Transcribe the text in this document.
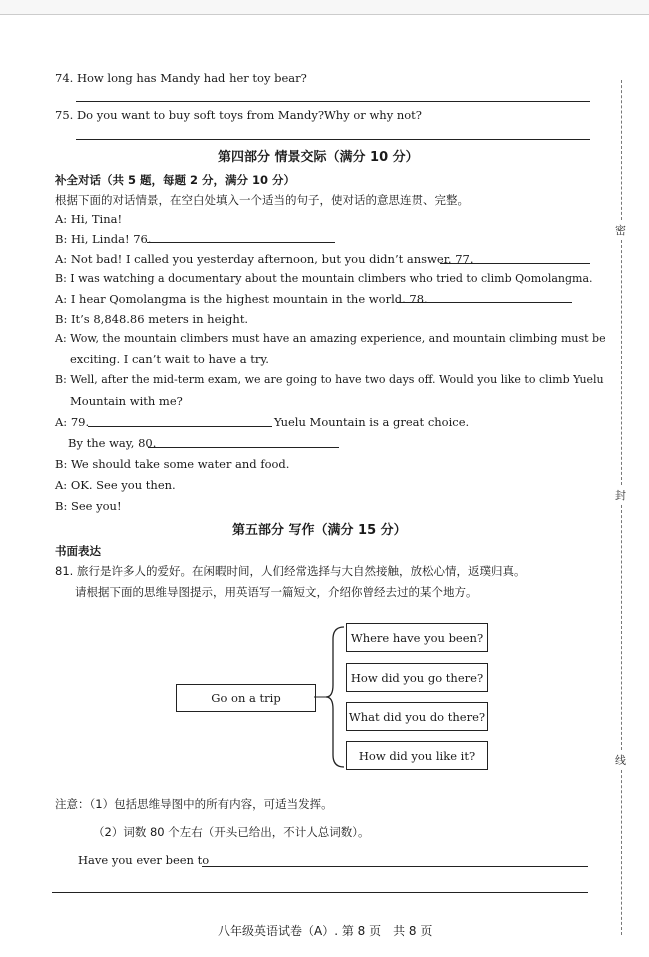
74. How long has Mandy had her toy bear?
75. Do you want to buy soft toys from Mandy?Why or why not?
第四部分 情景交际（满分 10 分）
补全对话（共 5 题，每题 2 分，满分 10 分）
根据下面的对话情景，在空白处填入一个适当的句子，使对话的意思连贯、完整。
A: Hi, Tina!
B: Hi, Linda! 76.
A: Not bad! I called you yesterday afternoon, but you didn’t answer. 77.
B: I was watching a documentary about the mountain climbers who tried to climb Qomolangma.
A: I hear Qomolangma is the highest mountain in the world. 78.
B: It’s 8,848.86 meters in height.
A: Wow, the mountain climbers must have an amazing experience, and mountain climbing must be
exciting. I can’t wait to have a try.
B: Well, after the mid-term exam, we are going to have two days off. Would you like to climb Yuelu
Mountain with me?
A: 79.	Yuelu Mountain is a great choice.
By the way, 80.
B: We should take some water and food.
A: OK. See you then.
B: See you!
第五部分 写作（满分 15 分）
书面表达
81. 旅行是许多人的爱好。在闲暇时间，人们经常选择与大自然接触，放松心情，返璞归真。
请根据下面的思维导图提示，用英语写一篇短文，介绍你曾经去过的某个地方。
Go on a trip
Where have you been?
How did you go there?
What did you do there?
How did you like it?
注意：（1）包括思维导图中的所有内容，可适当发挥。
（2）词数 80 个左右（开头已给出，不计人总词数）。
Have you ever been to
八年级英语试卷（A）. 第 8 页　共 8 页
密
封
线
